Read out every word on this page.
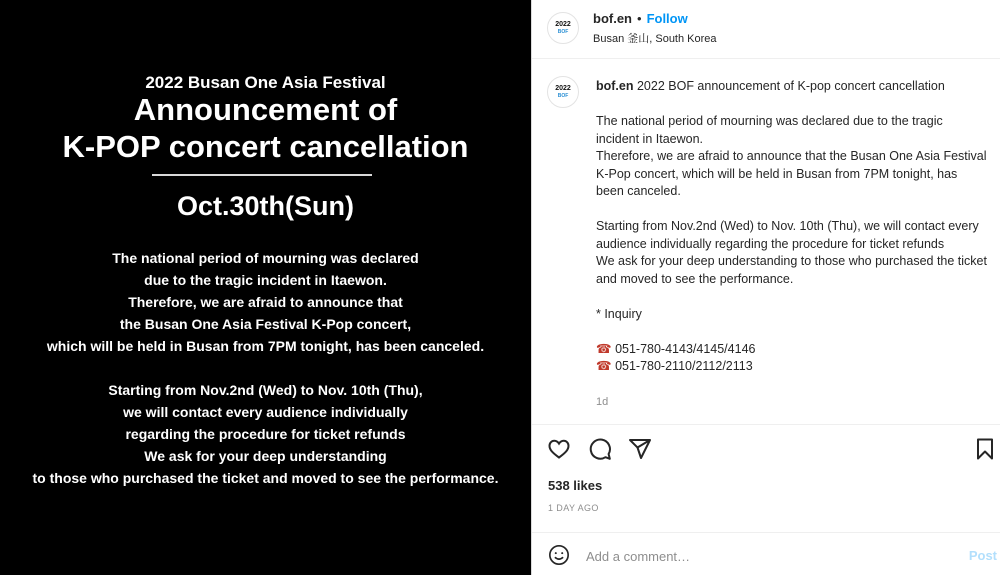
2022 Busan One Asia Festival
Announcement of
K-POP concert cancellation
Oct.30th(Sun)
The national period of mourning was declared
due to the tragic incident in Itaewon.
Therefore, we are afraid to announce that
the Busan One Asia Festival K-Pop concert,
which will be held in Busan from 7PM tonight, has been canceled.
Starting from Nov.2nd (Wed) to Nov. 10th (Thu),
we will contact every audience individually
regarding the procedure for ticket refunds
We ask for your deep understanding
to those who purchased the ticket and moved to see the performance.
2022
BOF
bof.en • Follow
Busan 釜山, South Korea
2022
BOF

bof.en 2022 BOF announcement of K-pop concert cancellation

The national period of mourning was declared due to the tragic incident in Itaewon.

Therefore, we are afraid to announce that the Busan One Asia Festival K-Pop concert, which will be held in Busan from 7PM tonight, has been canceled.

Starting from Nov.2nd (Wed) to Nov. 10th (Thu), we will contact every audience individually regarding the procedure for ticket refunds

We ask for your deep understanding to those who purchased the ticket and moved to see the performance.

* Inquiry

☎ 051-780-4143/4145/4146

☎ 051-780-2110/2112/2113

1d
538 likes
1 DAY AGO
Add a comment…
Post
